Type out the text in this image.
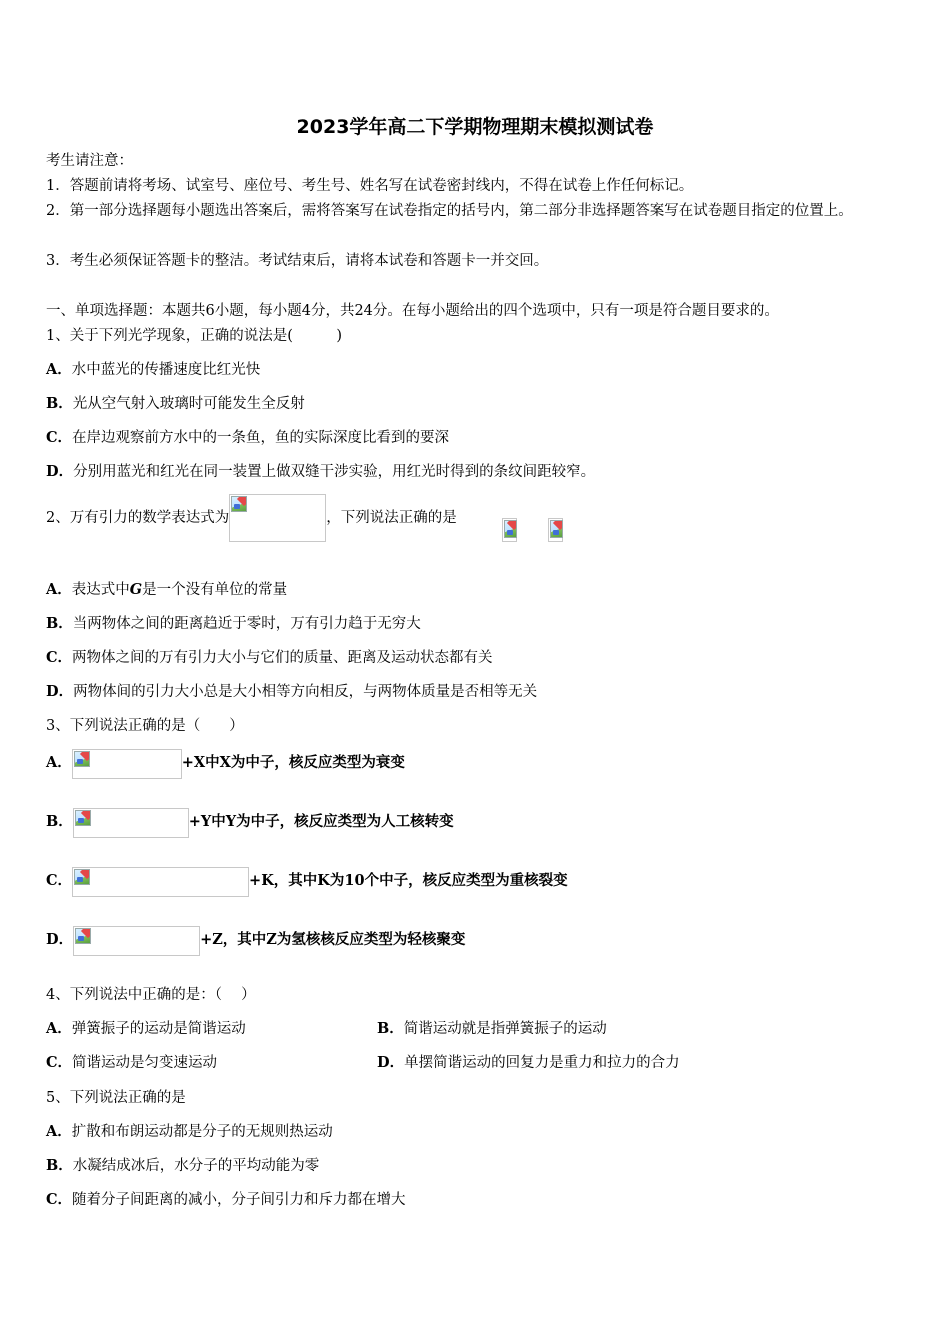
2023学年高二下学期物理期末模拟测试卷
考生请注意：
1．答题前请将考场、试室号、座位号、考生号、姓名写在试卷密封线内，不得在试卷上作任何标记。
2．第一部分选择题每小题选出答案后，需将答案写在试卷指定的括号内，第二部分非选择题答案写在试卷题目指定的位置上。
3．考生必须保证答题卡的整洁。考试结束后，请将本试卷和答题卡一并交回。
一、单项选择题：本题共6小题，每小题4分，共24分。在每小题给出的四个选项中，只有一项是符合题目要求的。
1、关于下列光学现象，正确的说法是(　　　)
A．水中蓝光的传播速度比红光快
B．光从空气射入玻璃时可能发生全反射
C．在岸边观察前方水中的一条鱼，鱼的实际深度比看到的要深
D．分别用蓝光和红光在同一装置上做双缝干涉实验，用红光时得到的条纹间距较窄。
2、万有引力的数学表达式为	，下列说法正确的是
A．表达式中G是一个没有单位的常量
B．当两物体之间的距离趋近于零时，万有引力趋于无穷大
C．两物体之间的万有引力大小与它们的质量、距离及运动状态都有关
D．两物体间的引力大小总是大小相等方向相反，与两物体质量是否相等无关
3、下列说法正确的是（　　）
A．	+X中X为中子，核反应类型为衰变
B．	+Y中Y为中子，核反应类型为人工核转变
C．	+K，其中K为10个中子，核反应类型为重核裂变
D．	+Z，其中Z为氢核核反应类型为轻核聚变
4、下列说法中正确的是：（　 ）
A．弹簧振子的运动是简谐运动	B．简谐运动就是指弹簧振子的运动
C．简谐运动是匀变速运动	D．单摆简谐运动的回复力是重力和拉力的合力
5、下列说法正确的是
A．扩散和布朗运动都是分子的无规则热运动
B．水凝结成冰后，水分子的平均动能为零
C．随着分子间距离的减小，分子间引力和斥力都在增大
